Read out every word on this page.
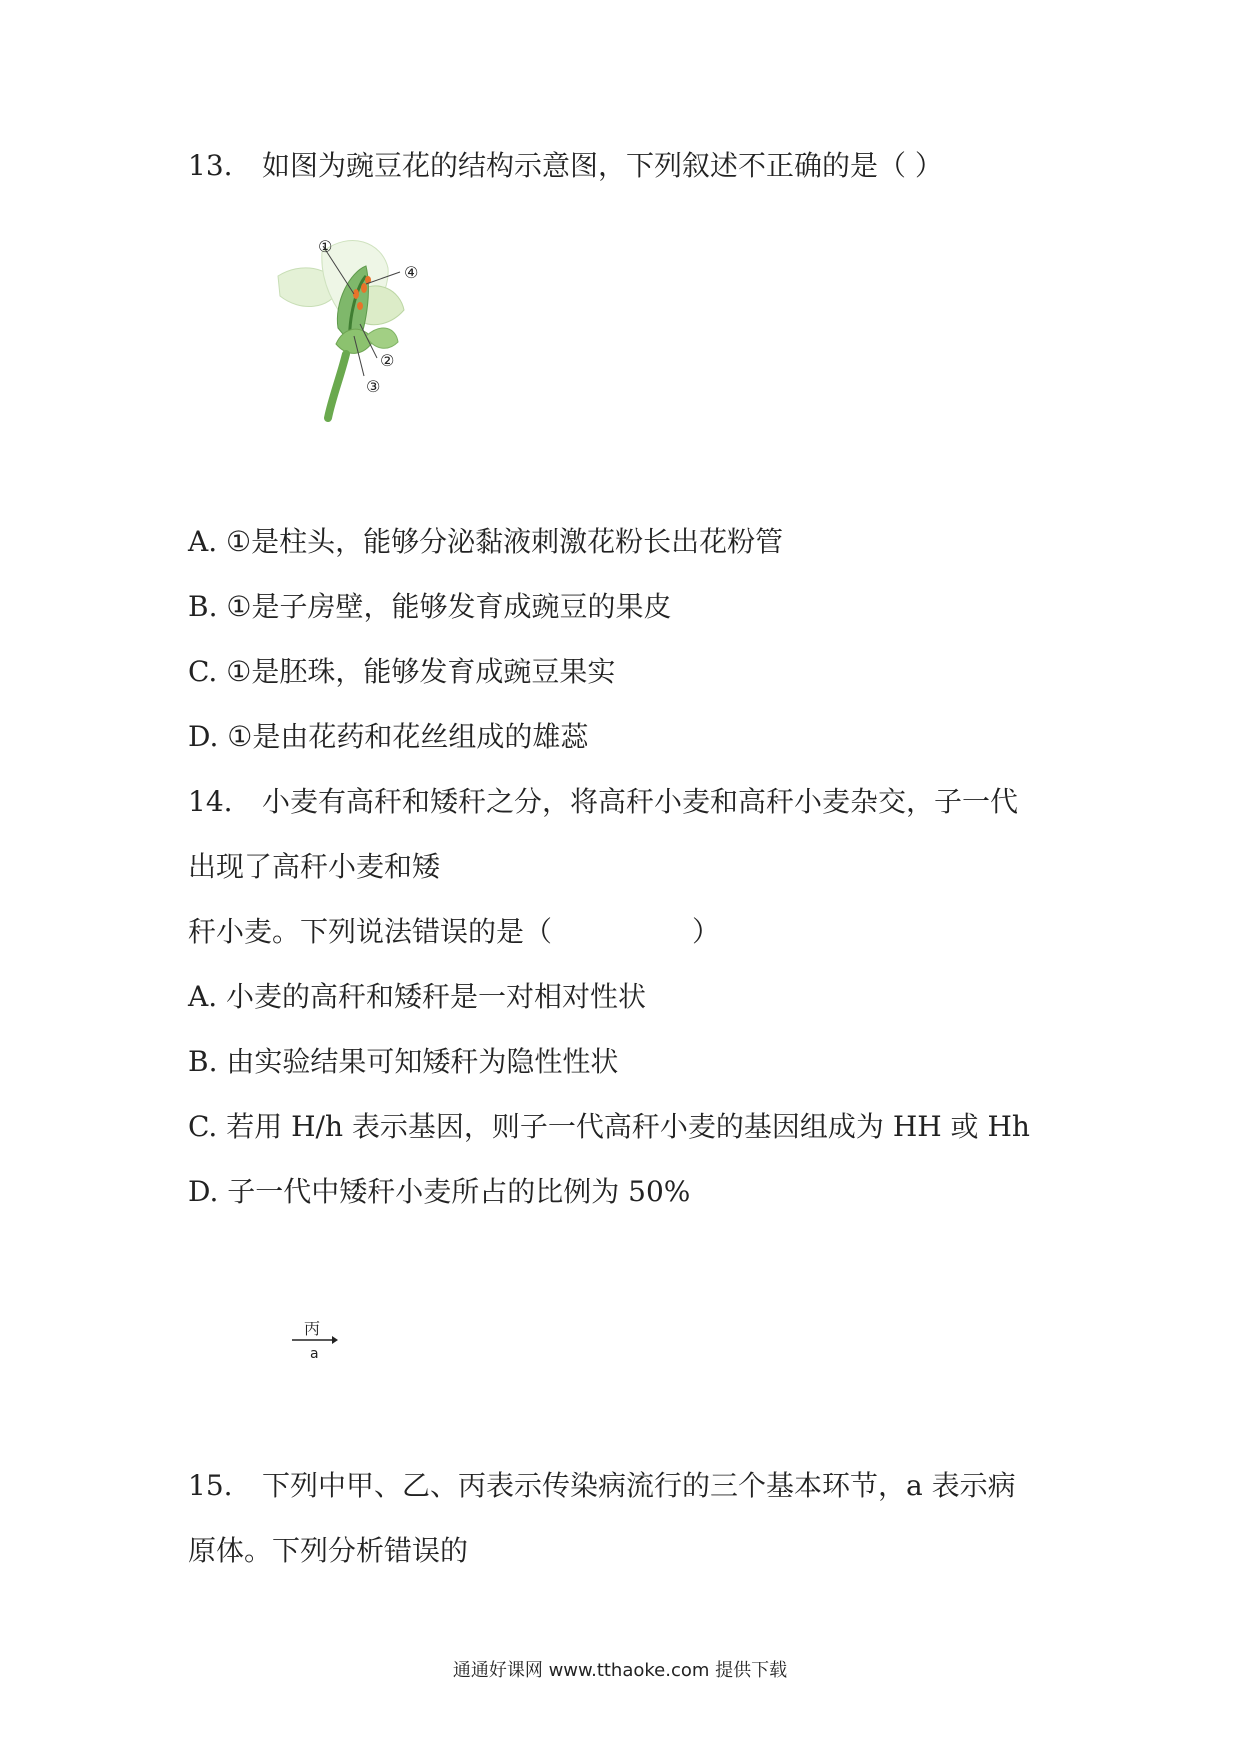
13. 如图为豌豆花的结构示意图，下列叙述不正确的是（ ）
①
④
②
③
A. ①是柱头，能够分泌黏液刺激花粉长出花粉管
B. ①是子房壁，能够发育成豌豆的果皮
C. ①是胚珠，能够发育成豌豆果实
D. ①是由花药和花丝组成的雄蕊
14. 小麦有高秆和矮秆之分，将高秆小麦和高秆小麦杂交，子一代
出现了高秆小麦和矮
秆小麦。下列说法错误的是（　　　　　）
A. 小麦的高秆和矮秆是一对相对性状
B. 由实验结果可知矮秆为隐性性状
C. 若用 H/h 表示基因，则子一代高秆小麦的基因组成为 HH 或 Hh
D. 子一代中矮秆小麦所占的比例为 50%
丙
a
15. 下列中甲、乙、丙表示传染病流行的三个基本环节，a 表示病
原体。下列分析错误的
通通好课网 www.tthaoke.com 提供下载
